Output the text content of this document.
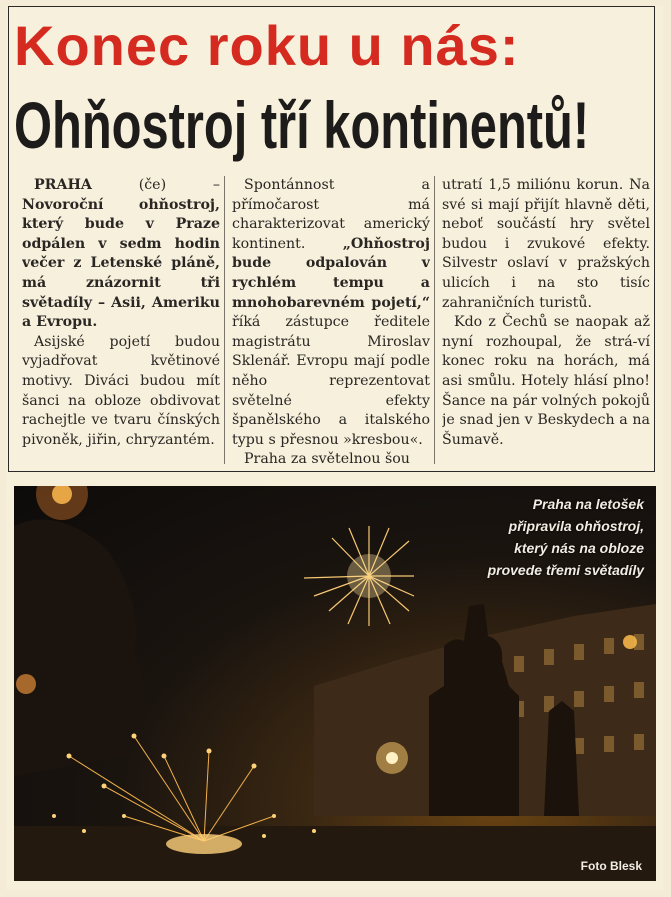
Konec roku u nás:
Ohňostroj tří kontinentů!

PRAHA (če) – Novoroční ohňostroj, který bude v Praze odpálen v sedm hodin večer z Letenské pláně, má znázornit tři světadíly – Asii, Ameriku a Evropu.

Asijské pojetí budou vyjadřovat květinové motivy. Diváci budou mít šanci na obloze obdivovat rachejtle ve tvaru čínských pivoněk, jiřin, chryzantém.

Spontánnost a přímočarost má charakterizovat americký kontinent. „Ohňostroj bude odpalován v rychlém tempu a mnohobarevném pojetí,“ říká zástupce ředitele magistrátu Miroslav Sklenář. Evropu mají podle něho reprezentovat světelné efekty španělského a italského typu s přesnou »kresbou«.

Praha za světelnou šou

utratí 1,5 miliónu korun. Na své si mají přijít hlavně děti, neboť součástí hry světel budou i zvukové efekty. Silvestr oslaví v pražských ulicích i na sto tisíc zahraničních turistů.

Kdo z Čechů se naopak až nyní rozhoupal, že strá-ví konec roku na horách, má asi smůlu. Hotely hlásí plno! Šance na pár volných pokojů je snad jen v Beskydech a na Šumavě.

Praha na letošek
připravila ohňostroj,
který nás na obloze
provede třemi světadíly
Foto Blesk
